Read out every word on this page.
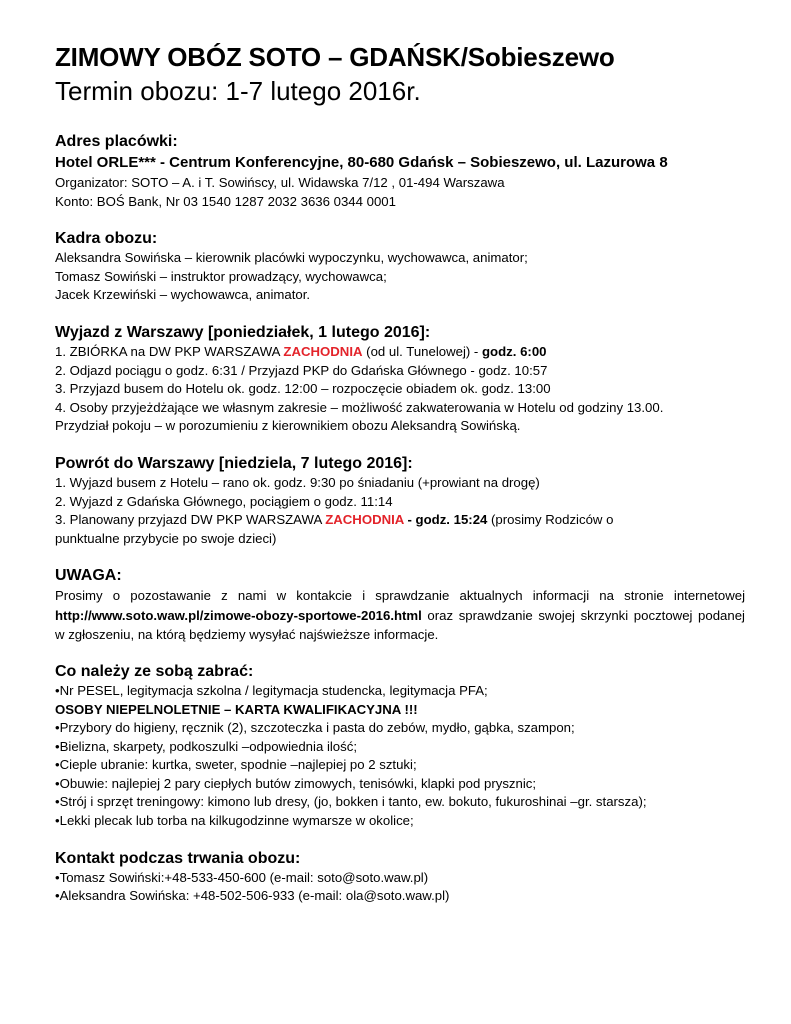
ZIMOWY OBÓZ SOTO – GDAŃSK/Sobieszewo
Termin obozu: 1-7 lutego 2016r.
Adres placówki:
Hotel ORLE*** - Centrum Konferencyjne, 80-680 Gdańsk – Sobieszewo, ul. Lazurowa 8
Organizator: SOTO – A. i T. Sowińscy, ul. Widawska 7/12 , 01-494 Warszawa
Konto: BOŚ Bank, Nr 03 1540 1287 2032 3636 0344 0001
Kadra obozu:
Aleksandra Sowińska – kierownik placówki wypoczynku, wychowawca, animator;
Tomasz Sowiński – instruktor prowadzący, wychowawca;
Jacek Krzewiński – wychowawca, animator.
Wyjazd z Warszawy [poniedziałek, 1 lutego 2016]:
1. ZBIÓRKA na DW PKP WARSZAWA ZACHODNIA (od ul. Tunelowej) - godz. 6:00
2. Odjazd pociągu o godz. 6:31 / Przyjazd PKP do Gdańska Głównego - godz. 10:57
3. Przyjazd busem do Hotelu ok. godz. 12:00 – rozpoczęcie obiadem ok. godz. 13:00
4. Osoby przyjeżdżające we własnym zakresie – możliwość zakwaterowania w Hotelu od godziny 13.00.
Przydział pokoju – w porozumieniu z kierownikiem obozu Aleksandrą Sowińską.
Powrót do Warszawy [niedziela, 7 lutego 2016]:
1. Wyjazd busem z Hotelu – rano ok. godz. 9:30 po śniadaniu (+prowiant na drogę)
2. Wyjazd z Gdańska Głównego, pociągiem o godz. 11:14
3. Planowany przyjazd DW PKP WARSZAWA ZACHODNIA - godz. 15:24 (prosimy Rodziców o
punktualne przybycie po swoje dzieci)
UWAGA:
Prosimy o pozostawanie z nami w kontakcie i sprawdzanie aktualnych informacji na stronie internetowej http://www.soto.waw.pl/zimowe-obozy-sportowe-2016.html oraz sprawdzanie swojej skrzynki pocztowej podanej w zgłoszeniu, na którą będziemy wysyłać najświeższe informacje.
Co należy ze sobą zabrać:
•Nr PESEL, legitymacja szkolna / legitymacja studencka, legitymacja PFA;
OSOBY NIEPELNOLETNIE – KARTA KWALIFIKACYJNA !!!
•Przybory do higieny, ręcznik (2), szczoteczka i pasta do zebów, mydło, gąbka, szampon;
•Bielizna, skarpety, podkoszulki –odpowiednia ilość;
•Cieple ubranie: kurtka, sweter, spodnie –najlepiej po 2 sztuki;
•Obuwie: najlepiej 2 pary ciepłych butów zimowych, tenisówki, klapki pod prysznic;
•Strój i sprzęt treningowy: kimono lub dresy, (jo, bokken i tanto, ew. bokuto, fukuroshinai –gr. starsza);
•Lekki plecak lub torba na kilkugodzinne wymarsze w okolice;
Kontakt podczas trwania obozu:
•Tomasz Sowiński:+48-533-450-600 (e-mail: soto@soto.waw.pl)
•Aleksandra Sowińska: +48-502-506-933 (e-mail: ola@soto.waw.pl)
